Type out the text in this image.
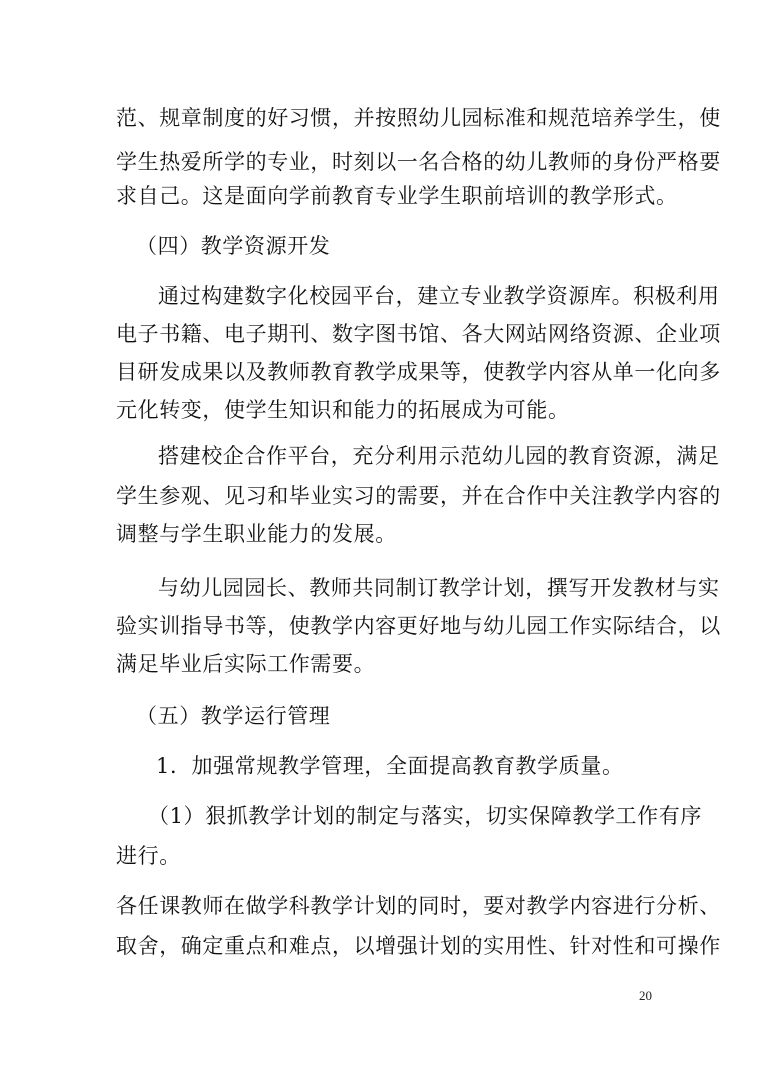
范、规章制度的好习惯，并按照幼儿园标准和规范培养学生，使
学生热爱所学的专业，时刻以一名合格的幼儿教师的身份严格要
求自己。这是面向学前教育专业学生职前培训的教学形式。
（四）教学资源开发
通过构建数字化校园平台，建立专业教学资源库。积极利用
电子书籍、电子期刊、数字图书馆、各大网站网络资源、企业项
目研发成果以及教师教育教学成果等，使教学内容从单一化向多
元化转变，使学生知识和能力的拓展成为可能。
搭建校企合作平台，充分利用示范幼儿园的教育资源，满足
学生参观、见习和毕业实习的需要，并在合作中关注教学内容的
调整与学生职业能力的发展。
与幼儿园园长、教师共同制订教学计划，撰写开发教材与实
验实训指导书等，使教学内容更好地与幼儿园工作实际结合，以
满足毕业后实际工作需要。
（五）教学运行管理
1．加强常规教学管理，全面提高教育教学质量。
（1）狠抓教学计划的制定与落实，切实保障教学工作有序
进行。
各任课教师在做学科教学计划的同时，要对教学内容进行分析、
取舍，确定重点和难点，以增强计划的实用性、针对性和可操作
20
